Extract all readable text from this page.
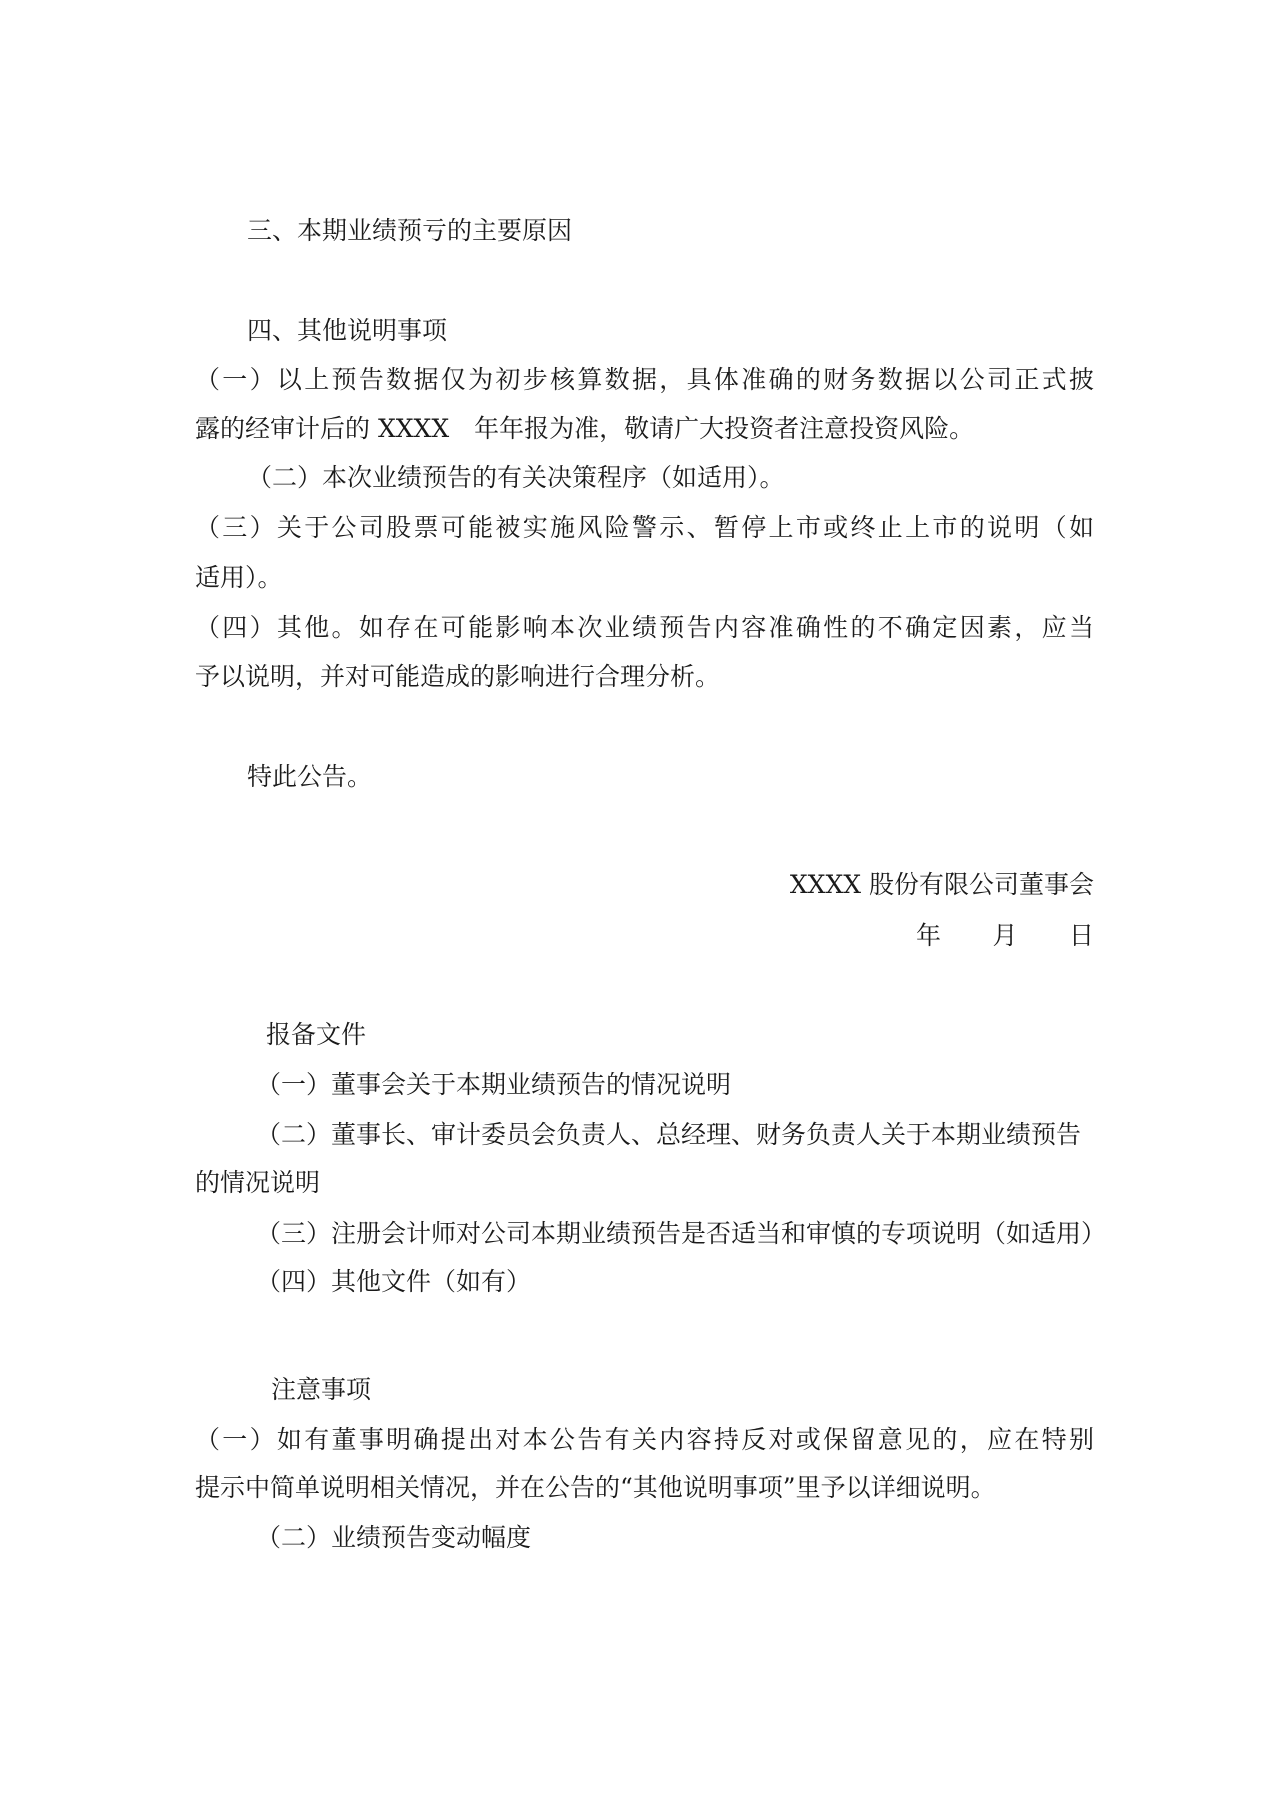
三、本期业绩预亏的主要原因

四、其他说明事项

（一）以上预告数据仅为初步核算数据，具体准确的财务数据以公司正式披

露的经审计后的 XXXX　年年报为准，敬请广大投资者注意投资风险。

（二）本次业绩预告的有关决策程序（如适用）。

（三）关于公司股票可能被实施风险警示、暂停上市或终止上市的说明（如

适用）。

（四）其他。如存在可能影响本次业绩预告内容准确性的不确定因素，应当

予以说明，并对可能造成的影响进行合理分析。

特此公告。

XXXX 股份有限公司董事会

年 月 日

报备文件

（一）董事会关于本期业绩预告的情况说明

（二）董事长、审计委员会负责人、总经理、财务负责人关于本期业绩预告

的情况说明

（三）注册会计师对公司本期业绩预告是否适当和审慎的专项说明（如适用）

（四）其他文件（如有）

注意事项

（一）如有董事明确提出对本公告有关内容持反对或保留意见的，应在特别

提示中简单说明相关情况，并在公告的“其他说明事项”里予以详细说明。

（二）业绩预告变动幅度
